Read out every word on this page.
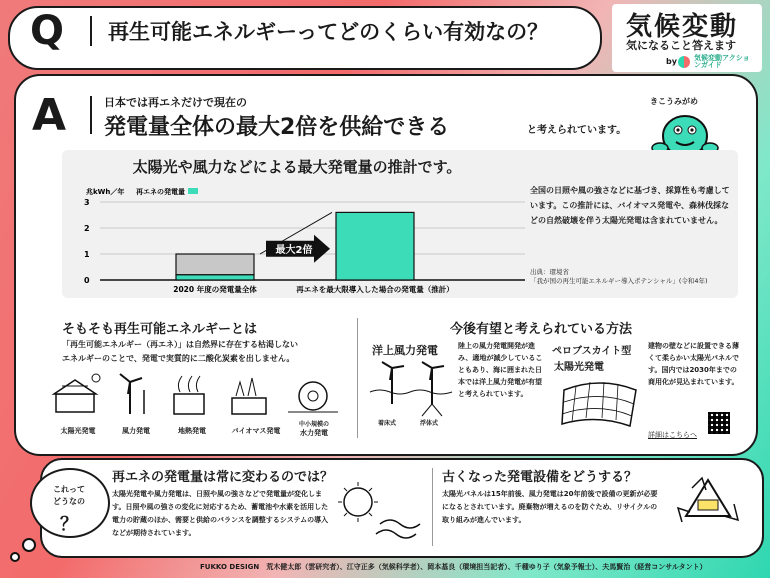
Q 再生可能エネルギーってどのくらい有効なの？	気候変動
気になること答えます
by 気候変動アクションガイド
A	日本では再エネだけで現在の
発電量全体の最大2倍を供給できる	と考えられています。
きこうみがめ
太陽光や風力などによる最大発電量の推計です。
兆kWh／年 再エネの発電量
0
1
2
3
2020 年度の発電量全体	再エネを最大限導入した場合の発電量（推計）
最大2倍
全国の日照や風の強さなどに基づき、採算性も考慮しています。この推計には、バイオマス発電や、森林伐採などの自然破壊を伴う太陽光発電は含まれていません。
出典：環境省
「我が国の再生可能エネルギー導入ポテンシャル」(令和4年)
そもそも再生可能エネルギーとは
「再生可能エネルギー（再エネ）」は自然界に存在する枯渇しない
エネルギーのことで、発電で実質的に二酸化炭素を出しません。
太陽光発電	風力発電	地熱発電	バイオマス発電
中小規模の
水力発電
今後有望と考えられている方法
洋上風力発電	陸上の風力発電開発が進み、適地が減少していることもあり、海に囲まれた日本では洋上風力発電が有望と考えられています。
着床式	浮体式
ペロブスカイト型
太陽光発電
建物の壁などに設置できる薄くて柔らかい太陽光パネルです。国内では2030年までの商用化が見込まれています。
詳細はこちらへ
これって
どうなの
？
再エネの発電量は常に変わるのでは？
太陽光発電や風力発電は、日照や風の強さなどで発電量が変化します。日照や風の強さの変化に対応するため、蓄電池や水素を活用した電力の貯蔵のほか、需要と供給のバランスを調整するシステムの導入などが期待されています。
古くなった発電設備をどうする？
太陽光パネルは15年前後、風力発電は20年前後で設備の更新が必要になるとされています。廃棄物が増えるのを防ぐため、リサイクルの取り組みが進んでいます。
FUKKO DESIGN　荒木健太郎（雲研究者）、江守正多（気候科学者）、岡本基良（環境担当記者）、千種ゆり子（気象予報士）、夫馬賢治（経営コンサルタント）
